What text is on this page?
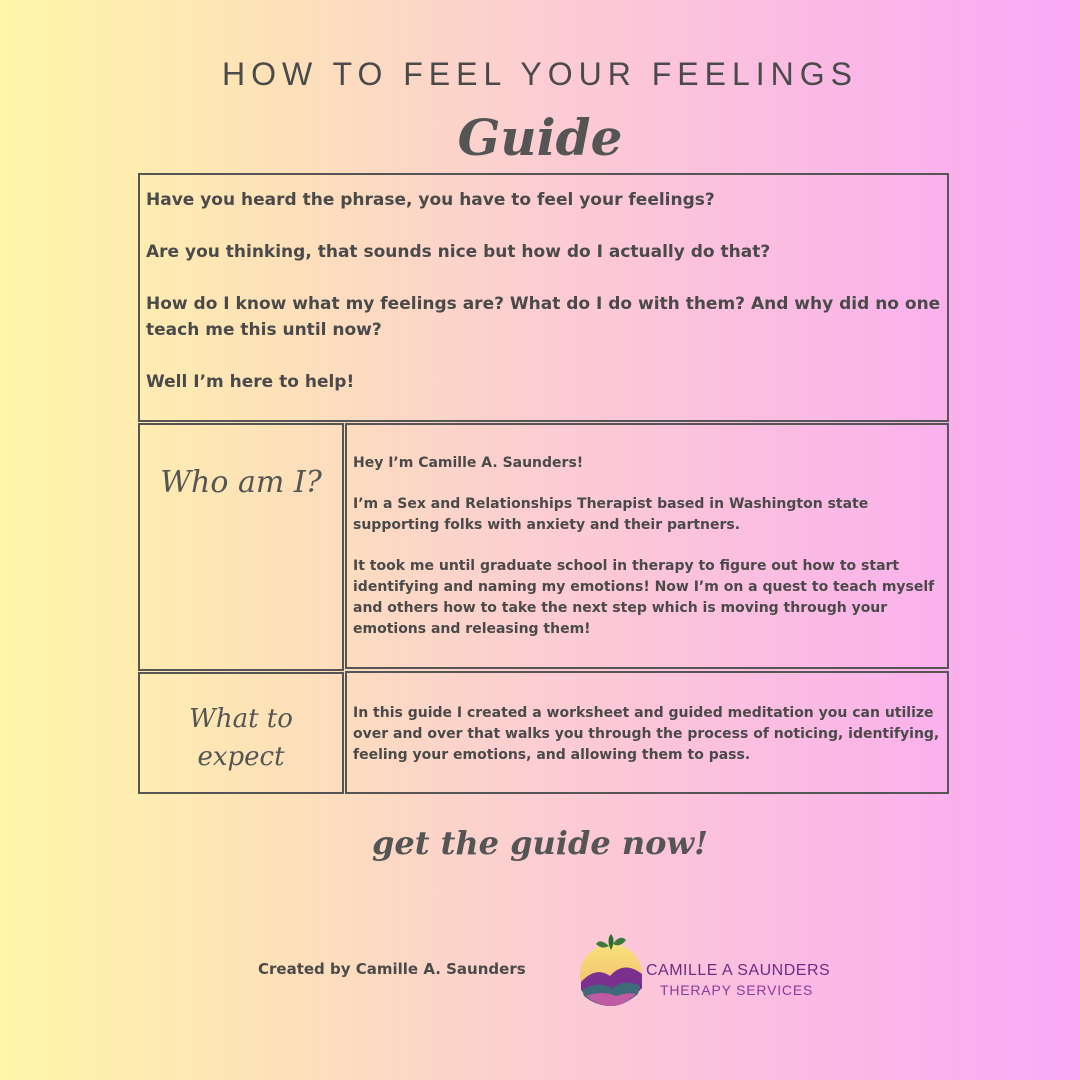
HOW TO FEEL YOUR FEELINGS
Guide

Have you heard the phrase, you have to feel your feelings?

Are you thinking, that sounds nice but how do I actually do that?

How do I know what my feelings are? What do I do with them? And why did no one teach me this until now?

Well I’m here to help!

Who am I?

Hey I’m Camille A. Saunders!

I’m a Sex and Relationships Therapist based in Washington state supporting folks with anxiety and their partners.

It took me until graduate school in therapy to figure out how to start identifying and naming my emotions! Now I’m on a quest to teach myself and others how to take the next step which is moving through your emotions and releasing them!

What to
expect

In this guide I created a worksheet and guided meditation you can utilize over and over that walks you through the process of noticing, identifying, feeling your emotions, and allowing them to pass.

get the guide now!
Created by Camille A. Saunders	CAMILLE A SAUNDERS
THERAPY SERVICES
